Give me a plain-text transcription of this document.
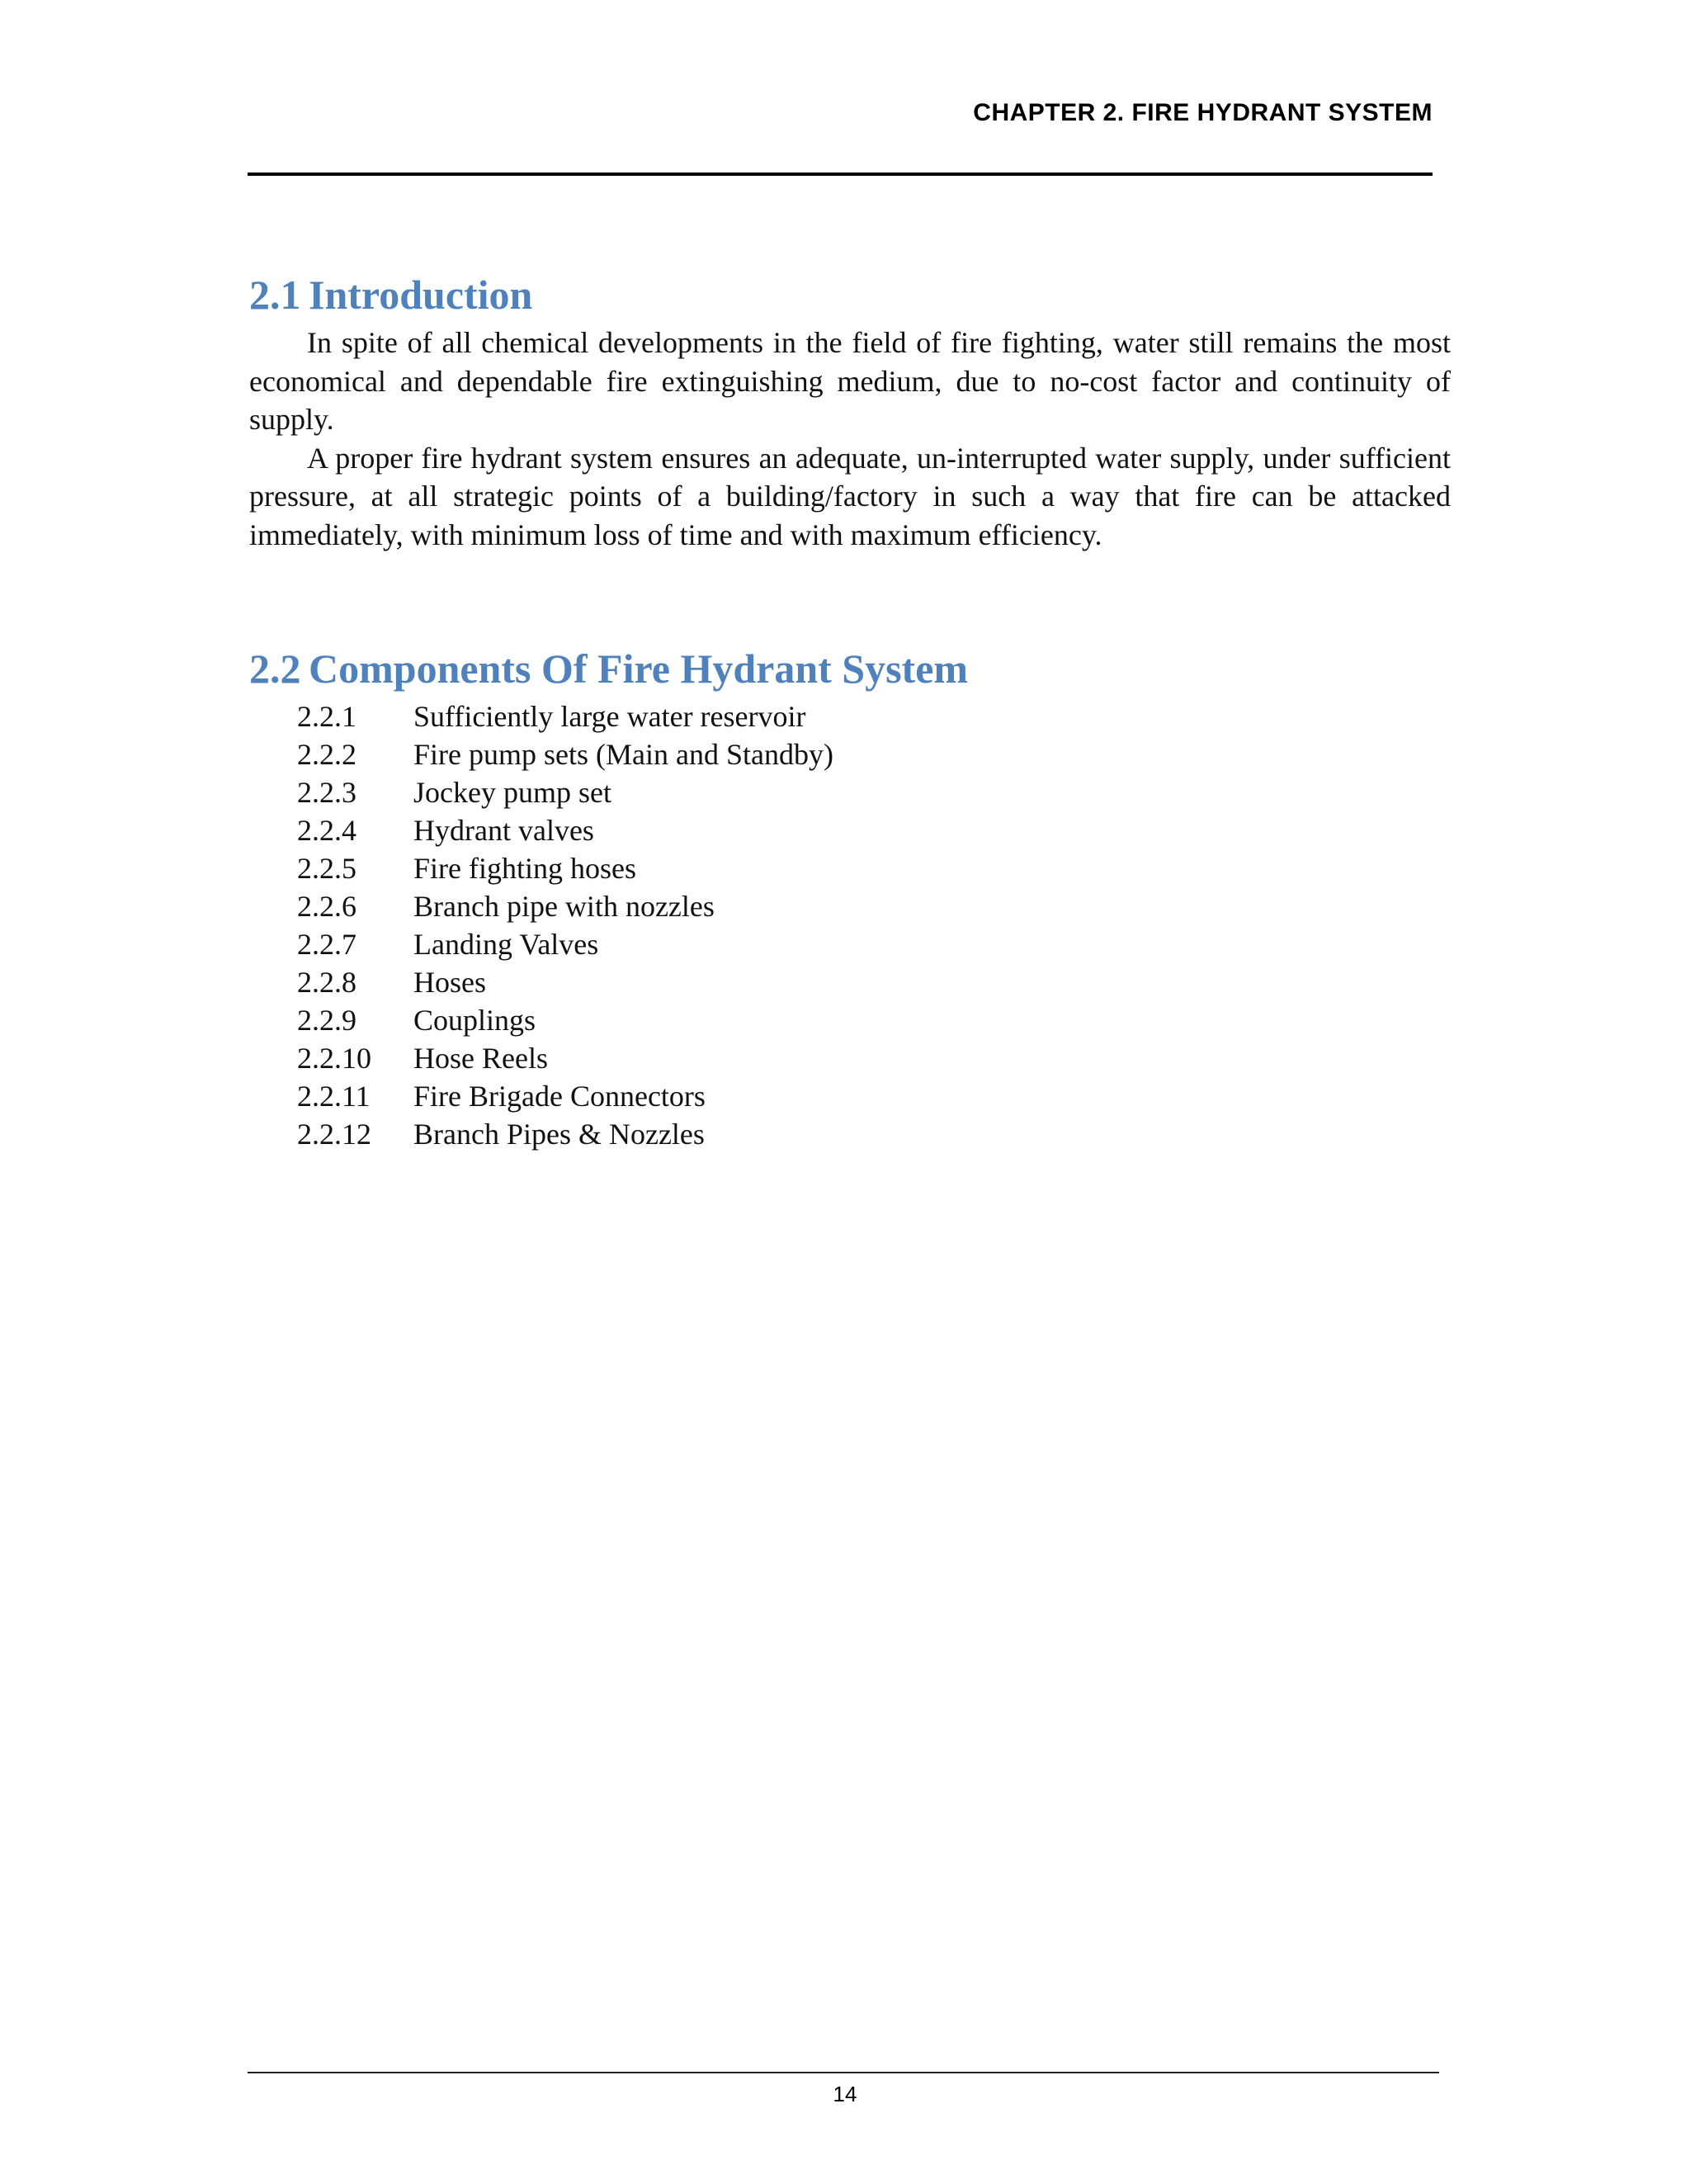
CHAPTER 2. FIRE HYDRANT SYSTEM
2.1 Introduction

In spite of all chemical developments in the field of fire fighting, water still remains the most economical and dependable fire extinguishing medium, due to no-cost factor and continuity of supply.

A proper fire hydrant system ensures an adequate, un-interrupted water supply, under sufficient pressure, at all strategic points of a building/factory in such a way that fire can be attacked immediately, with minimum loss of time and with maximum efficiency.

2.2 Components Of Fire Hydrant System
2.2.1	Sufficiently large water reservoir
2.2.2	Fire pump sets (Main and Standby)
2.2.3	Jockey pump set
2.2.4	Hydrant valves
2.2.5	Fire fighting hoses
2.2.6	Branch pipe with nozzles
2.2.7	Landing Valves
2.2.8	Hoses
2.2.9	Couplings
2.2.10	Hose Reels
2.2.11	Fire Brigade Connectors
2.2.12	Branch Pipes & Nozzles
14
